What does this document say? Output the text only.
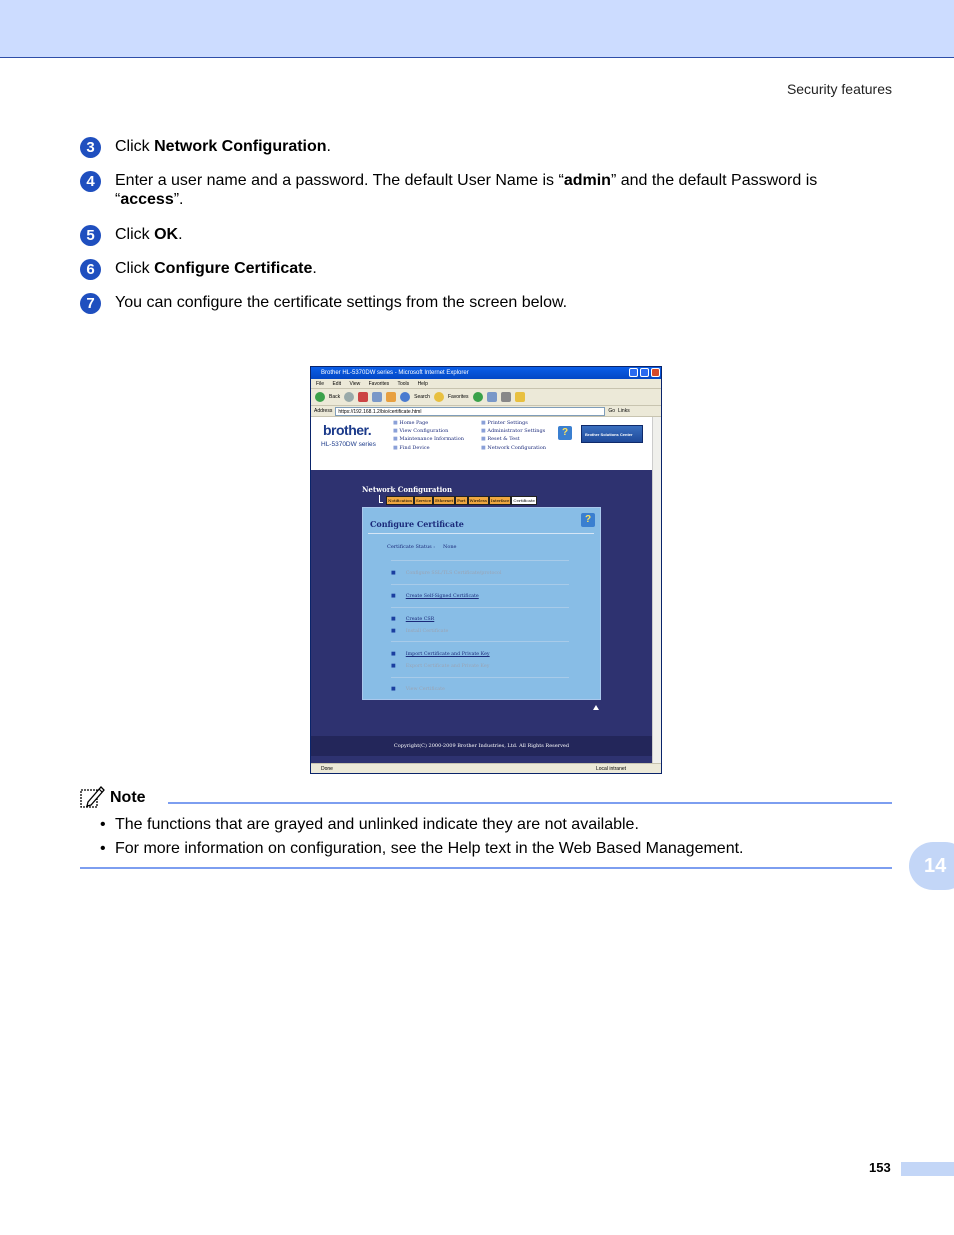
Security features
3	Click Network Configuration.
4	Enter a user name and a password. The default User Name is “admin” and the default Password is
“access”.
5	Click OK.
6	Click Configure Certificate.
7	You can configure the certificate settings from the screen below.
Brother HL-5370DW series - Microsoft Internet Explorer
File Edit View Favorites Tools Help
Back	Search	Favorites
Address	https://192.168.1.2/bio/certificate.html	Go Links
brother.
HL-5370DW series
■ Home Page
■ View Configuration
■ Maintenance Information
■ Find Device
■ Printer Settings
■ Administrator Settings
■ Reset & Test
■ Network Configuration
?	Brother Solutions Center
Network Configuration
Notification	Service	Ethernet	Port	Wireless	Interface	Certificate
Configure Certificate	?
Certificate Status : None
■ Configure SSL/TLS Certificate/protocol
■ Create Self-Signed Certificate
■ Create CSR
■ Install Certificate
■ Import Certificate and Private Key
■ Export Certificate and Private Key
■ View Certificate
Copyright(C) 2000-2009 Brother Industries, Ltd. All Rights Reserved
Done	Local intranet
Note
• The functions that are grayed and unlinked indicate they are not available.
• For more information on configuration, see the Help text in the Web Based Management.
14
153
